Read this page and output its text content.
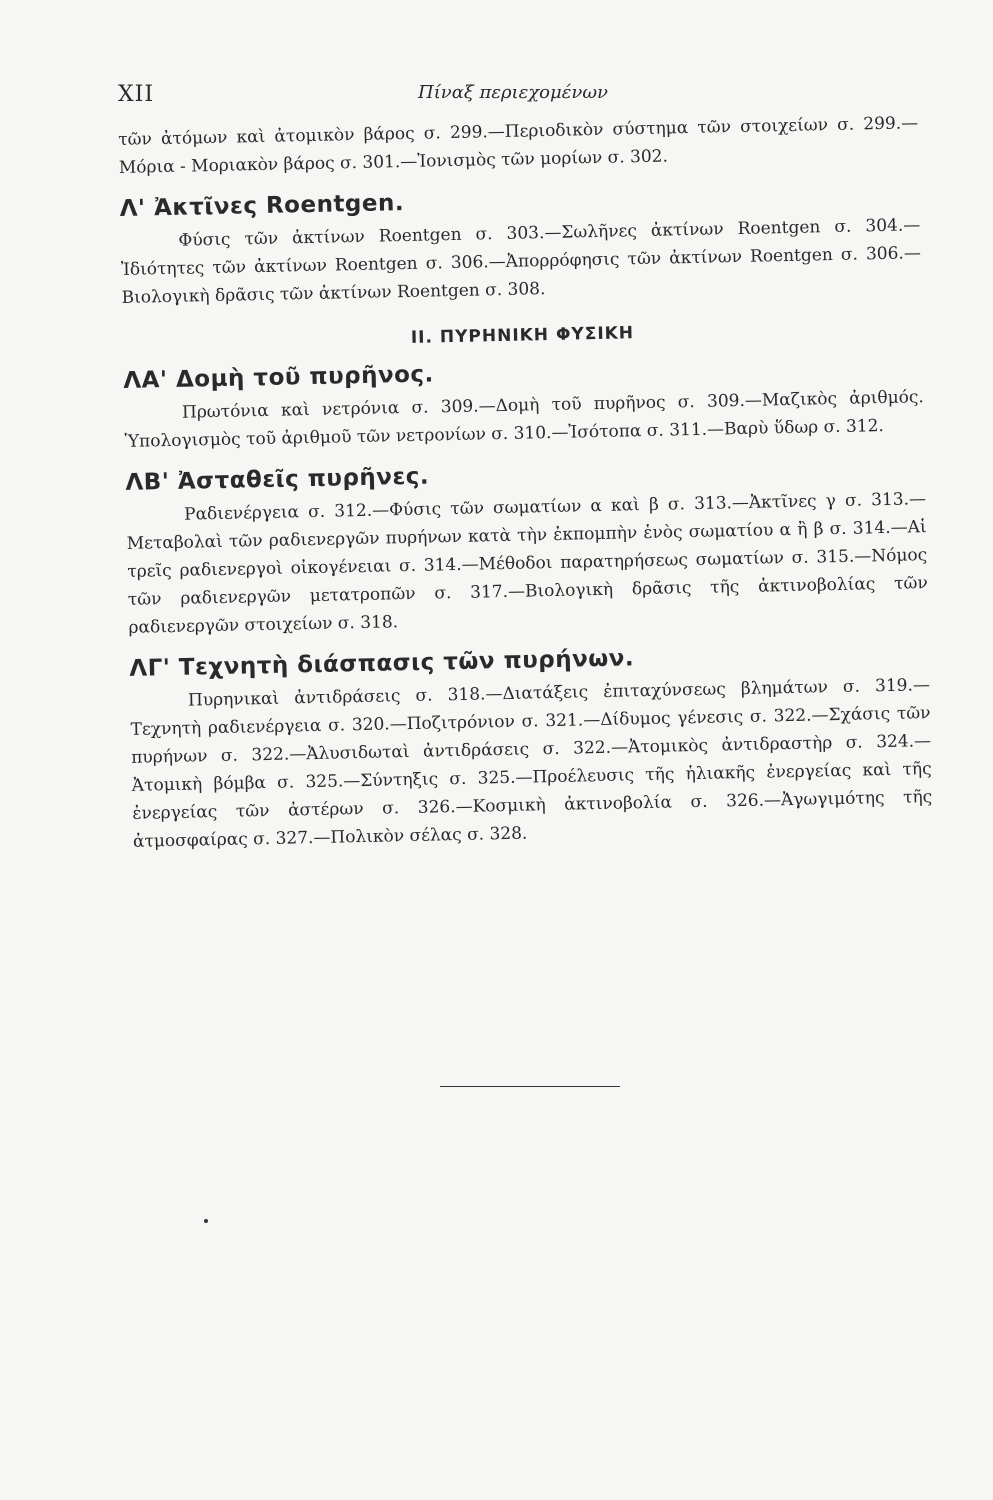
XII	Πίναξ περιεχομένων

τῶν ἀτόμων καὶ ἀτομικὸν βάρος σ. 299.—Περιοδικὸν σύστημα τῶν στοιχείων σ. 299.—Μόρια - Μοριακὸν βάρος σ. 301.—Ἰονισμὸς τῶν μορίων σ. 302.

Λ' Ἀκτῖνες Roentgen.

Φύσις τῶν ἀκτίνων Roentgen σ. 303.—Σωλῆνες ἀκτίνων Roentgen σ. 304.—Ἰδιότητες τῶν ἀκτίνων Roentgen σ. 306.—Ἀπορρόφησις τῶν ἀκτίνων Roentgen σ. 306.—Βιολογικὴ δρᾶσις τῶν ἀκτίνων Roentgen σ. 308.

II. ΠΥΡΗΝΙΚΗ ΦΥΣΙΚΗ
ΛΑ' Δομὴ τοῦ πυρῆνος.

Πρωτόνια καὶ νετρόνια σ. 309.—Δομὴ τοῦ πυρῆνος σ. 309.—Μαζικὸς ἀριθμός. Ὑπολογισμὸς τοῦ ἀριθμοῦ τῶν νετρονίων σ. 310.—Ἰσότοπα σ. 311.—Βαρὺ ὕδωρ σ. 312.

ΛΒ' Ἀσταθεῖς πυρῆνες.

Ραδιενέργεια σ. 312.—Φύσις τῶν σωματίων α καὶ β σ. 313.—Ἀκτῖνες γ σ. 313.—Μεταβολαὶ τῶν ραδιενεργῶν πυρήνων κατὰ τὴν ἐκπομπὴν ἑνὸς σωματίου α ἢ β σ. 314.—Αἱ τρεῖς ραδιενεργοὶ οἰκογένειαι σ. 314.—Μέθοδοι παρατηρήσεως σωματίων σ. 315.—Νόμος τῶν ραδιενεργῶν μετατροπῶν σ. 317.—Βιολογικὴ δρᾶσις τῆς ἀκτινοβολίας τῶν ραδιενεργῶν στοιχείων σ. 318.

ΛΓ' Τεχνητὴ διάσπασις τῶν πυρήνων.

Πυρηνικαὶ ἀντιδράσεις σ. 318.—Διατάξεις ἐπιταχύνσεως βλημάτων σ. 319.—Τεχνητὴ ραδιενέργεια σ. 320.—Ποζιτρόνιον σ. 321.—Δίδυμος γένεσις σ. 322.—Σχάσις τῶν πυρήνων σ. 322.—Ἀλυσιδωταὶ ἀντιδράσεις σ. 322.—Ἀτομικὸς ἀντιδραστὴρ σ. 324.—Ἀτομικὴ βόμβα σ. 325.—Σύντηξις σ. 325.—Προέλευσις τῆς ἡλιακῆς ἐνεργείας καὶ τῆς ἐνεργείας τῶν ἀστέρων σ. 326.—Κοσμικὴ ἀκτινοβολία σ. 326.—Ἀγωγιμότης τῆς ἀτμοσφαίρας σ. 327.—Πολικὸν σέλας σ. 328.
